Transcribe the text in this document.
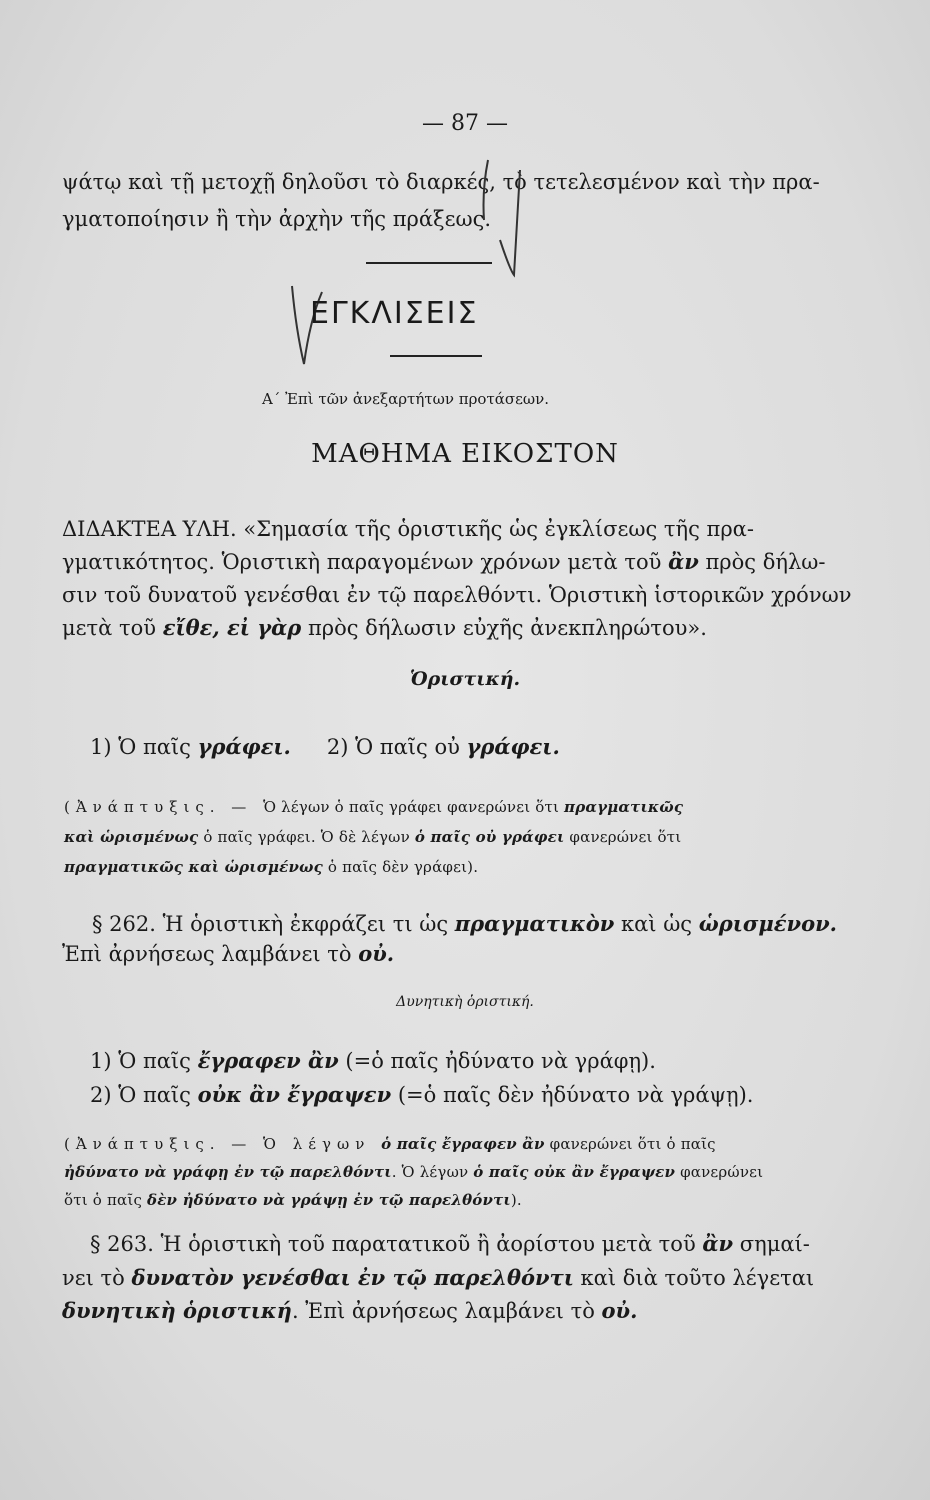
— 87 —
ψάτῳ καὶ τῇ μετοχῇ δηλοῦσι τὸ διαρκές, τὸ τετελεσμένον καὶ τὴν πρα-
γματοποίησιν ἢ τὴν ἀρχὴν τῆς πράξεως.
ΕΓΚΛΙΣΕΙΣ
Α΄ Ἐπὶ τῶν ἀνεξαρτήτων προτάσεων.
ΜΑΘΗΜΑ ΕΙΚΟΣΤΟΝ
ΔΙΔΑΚΤΕΑ ΥΛΗ. «Σημασία τῆς ὁριστικῆς ὡς ἐγκλίσεως τῆς πρα-
γματικότητος. Ὁριστικὴ παραγομένων χρόνων μετὰ τοῦ ἂν πρὸς δήλω-
σιν τοῦ δυνατοῦ γενέσθαι ἐν τῷ παρελθόντι. Ὁριστικὴ ἱστορικῶν χρόνων
μετὰ τοῦ εἴθε, εἰ γὰρ πρὸς δήλωσιν εὐχῆς ἀνεκπληρώτου».
Ὁριστική.
1) Ὁ παῖς γράφει. 2) Ὁ παῖς οὐ γράφει.
(Ἀνάπτυξις. — Ὁ λέγων ὁ παῖς γράφει φανερώνει ὅτι πραγματικῶς
καὶ ὡρισμένως ὁ παῖς γράφει. Ὁ δὲ λέγων ὁ παῖς οὐ γράφει φανερώνει ὅτι
πραγματικῶς καὶ ὡρισμένως ὁ παῖς δὲν γράφει).
§ 262. Ἡ ὁριστικὴ ἐκφράζει τι ὡς πραγματικὸν καὶ ὡς ὡρισμένον.
Ἐπὶ ἀρνήσεως λαμβάνει τὸ οὐ.
Δυνητικὴ ὁριστική.
1) Ὁ παῖς ἔγραφεν ἂν (=ὁ παῖς ἠδύνατο νὰ γράφῃ).
2) Ὁ παῖς οὐκ ἂν ἔγραψεν (=ὁ παῖς δὲν ἠδύνατο νὰ γράψῃ).
(Ἀνάπτυξις. — Ὁ λέγων ὁ παῖς ἔγραφεν ἂν φανερώνει ὅτι ὁ παῖς
ἠδύνατο νὰ γράφῃ ἐν τῷ παρελθόντι. Ὁ λέγων ὁ παῖς οὐκ ἂν ἔγραψεν φανερώνει
ὅτι ὁ παῖς δὲν ἠδύνατο νὰ γράψῃ ἐν τῷ παρελθόντι).
§ 263. Ἡ ὁριστικὴ τοῦ παρατατικοῦ ἢ ἀορίστου μετὰ τοῦ ἂν σημαί-
νει τὸ δυνατὸν γενέσθαι ἐν τῷ παρελθόντι καὶ διὰ τοῦτο λέγεται
δυνητικὴ ὁριστική. Ἐπὶ ἀρνήσεως λαμβάνει τὸ οὐ.
